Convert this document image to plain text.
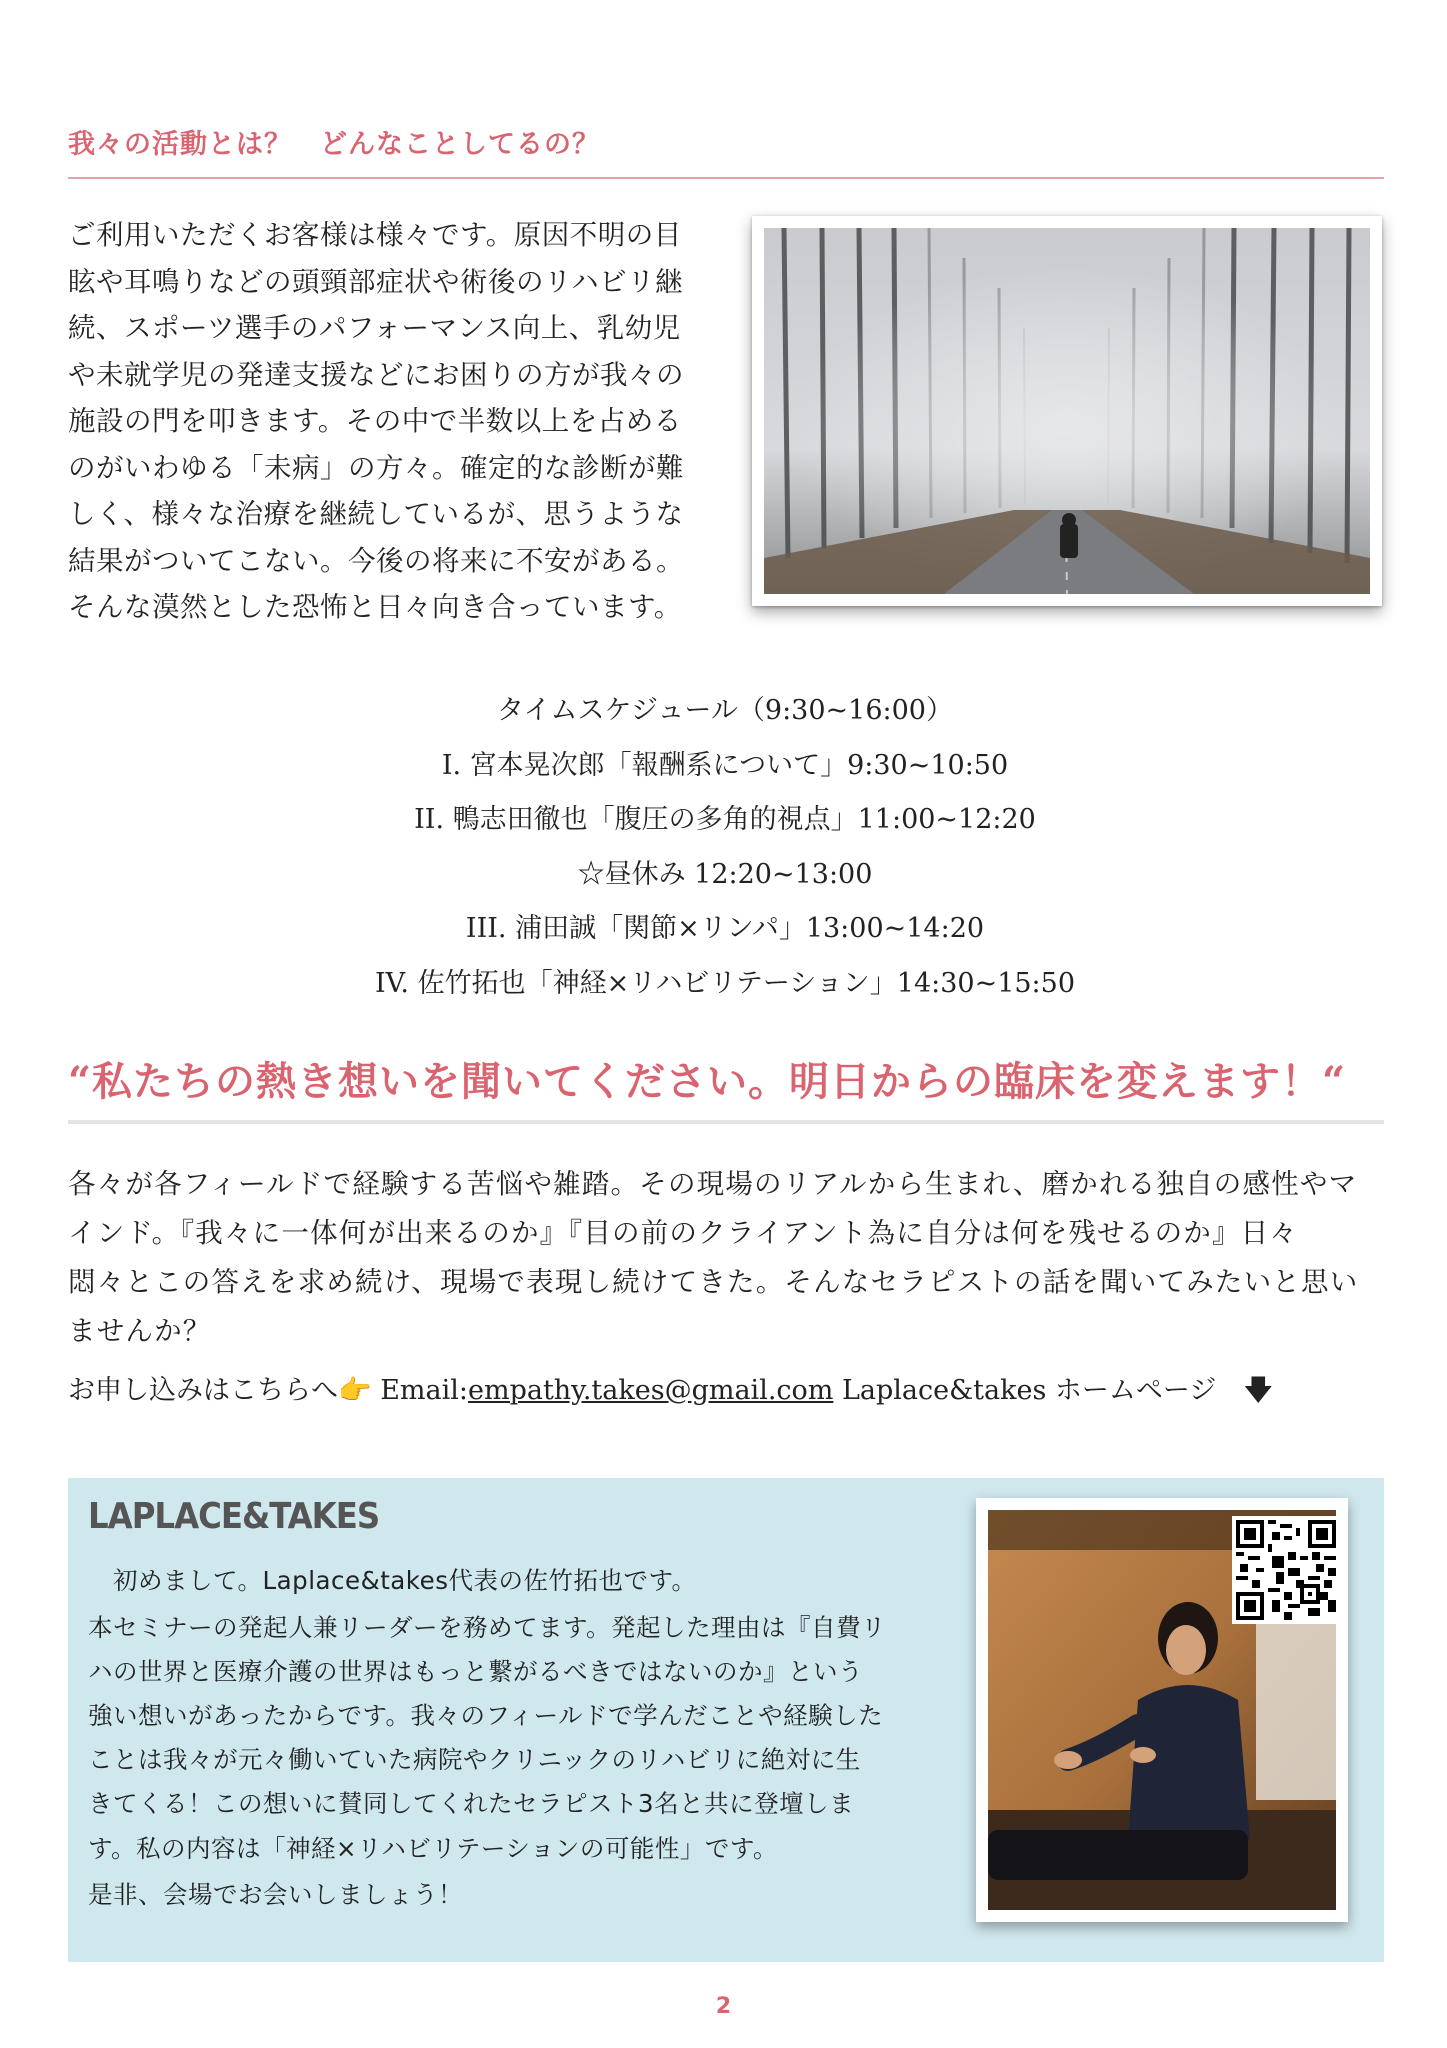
我々の活動とは？　どんなことしてるの？

ご利用いただくお客様は様々です。原因不明の目

眩や耳鳴りなどの頭頸部症状や術後のリハビリ継

続、スポーツ選手のパフォーマンス向上、乳幼児

や未就学児の発達支援などにお困りの方が我々の

施設の門を叩きます。その中で半数以上を占める

のがいわゆる「未病」の方々。確定的な診断が難

しく、様々な治療を継続しているが、思うような

結果がついてこない。今後の将来に不安がある。

そんな漠然とした恐怖と日々向き合っています。

タイムスケジュール（9:30~16:00）
I. 宮本晃次郎「報酬系について」9:30~10:50
II. 鴨志田徹也「腹圧の多角的視点」11:00~12:20
☆昼休み 12:20~13:00
III. 浦田誠「関節×リンパ」13:00~14:20
IV. 佐竹拓也「神経×リハビリテーション」14:30~15:50
“私たちの熱き想いを聞いてください。明日からの臨床を変えます！“

各々が各フィールドで経験する苦悩や雑踏。その現場のリアルから生まれ、磨かれる独自の感性やマ

インド。『我々に一体何が出来るのか』『目の前のクライアント為に自分は何を残せるのか』日々

悶々とこの答えを求め続け、現場で表現し続けてきた。そんなセラピストの話を聞いてみたいと思い

ませんか？

お申し込みはこちらへ👉 Email:empathy.takes@gmail.com Laplace&takes ホームページ 🡇
LAPLACE&TAKES

　初めまして。Laplace&takes代表の佐竹拓也です。

本セミナーの発起人兼リーダーを務めてます。発起した理由は『自費リ

ハの世界と医療介護の世界はもっと繋がるべきではないのか』という

強い想いがあったからです。我々のフィールドで学んだことや経験した

ことは我々が元々働いていた病院やクリニックのリハビリに絶対に生

きてくる！この想いに賛同してくれたセラピスト3名と共に登壇しま

す。私の内容は「神経×リハビリテーションの可能性」です。

是非、会場でお会いしましょう！

2
